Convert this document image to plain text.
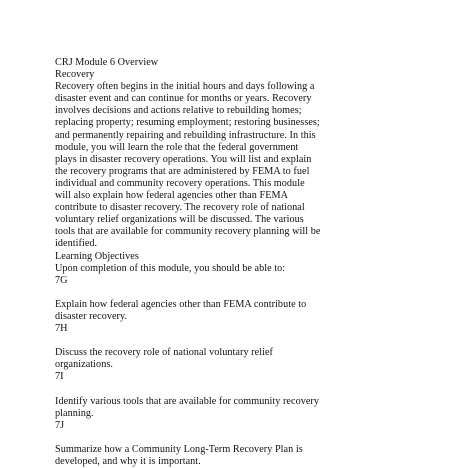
CRJ Module 6 Overview
Recovery
Recovery often begins in the initial hours and days following a
disaster event and can continue for months or years. Recovery
involves decisions and actions relative to rebuilding homes;
replacing property; resuming employment; restoring businesses;
and permanently repairing and rebuilding infrastructure. In this
module, you will learn the role that the federal government
plays in disaster recovery operations. You will list and explain
the recovery programs that are administered by FEMA to fuel
individual and community recovery operations. This module
will also explain how federal agencies other than FEMA
contribute to disaster recovery. The recovery role of national
voluntary relief organizations will be discussed. The various
tools that are available for community recovery planning will be
identified.
Learning Objectives
Upon completion of this module, you should be able to:
7G
Explain how federal agencies other than FEMA contribute to
disaster recovery.
7H
Discuss the recovery role of national voluntary relief
organizations.
7I
Identify various tools that are available for community recovery
planning.
7J
Summarize how a Community Long-Term Recovery Plan is
developed, and why it is important.
